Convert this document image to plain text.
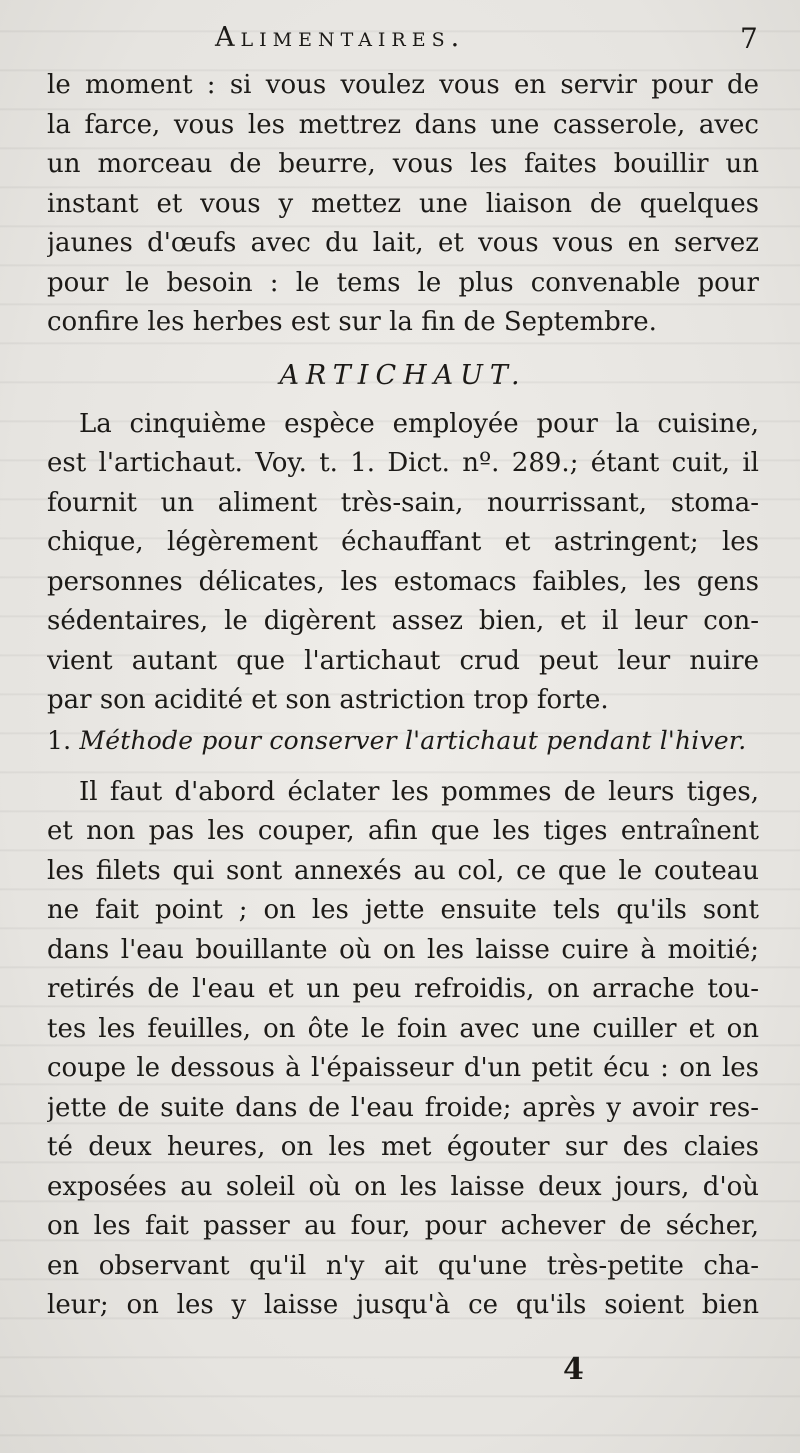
Alimentaires.	7
le moment : si vous voulez vous en servir pour de
la farce, vous les mettrez dans une casserole, avec
un morceau de beurre, vous les faites bouillir un
instant et vous y mettez une liaison de quelques
jaunes d'œufs avec du lait, et vous vous en servez
pour le besoin : le tems le plus convenable pour
confire les herbes est sur la fin de Septembre.
ARTICHAUT.
La cinquième espèce employée pour la cuisine,
est l'artichaut. Voy. t. 1. Dict. nº. 289.; étant cuit, il
fournit un aliment très-sain, nourrissant, stoma-
chique, légèrement échauffant et astringent; les
personnes délicates, les estomacs faibles, les gens
sédentaires, le digèrent assez bien, et il leur con-
vient autant que l'artichaut crud peut leur nuire
par son acidité et son astriction trop forte.
1. Méthode pour conserver l'artichaut pendant l'hiver.
Il faut d'abord éclater les pommes de leurs tiges,
et non pas les couper, afin que les tiges entraînent
les filets qui sont annexés au col, ce que le couteau
ne fait point ; on les jette ensuite tels qu'ils sont
dans l'eau bouillante où on les laisse cuire à moitié;
retirés de l'eau et un peu refroidis, on arrache tou-
tes les feuilles, on ôte le foin avec une cuiller et on
coupe le dessous à l'épaisseur d'un petit écu : on les
jette de suite dans de l'eau froide; après y avoir res-
té deux heures, on les met égouter sur des claies
exposées au soleil où on les laisse deux jours, d'où
on les fait passer au four, pour achever de sécher,
en observant qu'il n'y ait qu'une très-petite cha-
leur; on les y laisse jusqu'à ce qu'ils soient bien
4
